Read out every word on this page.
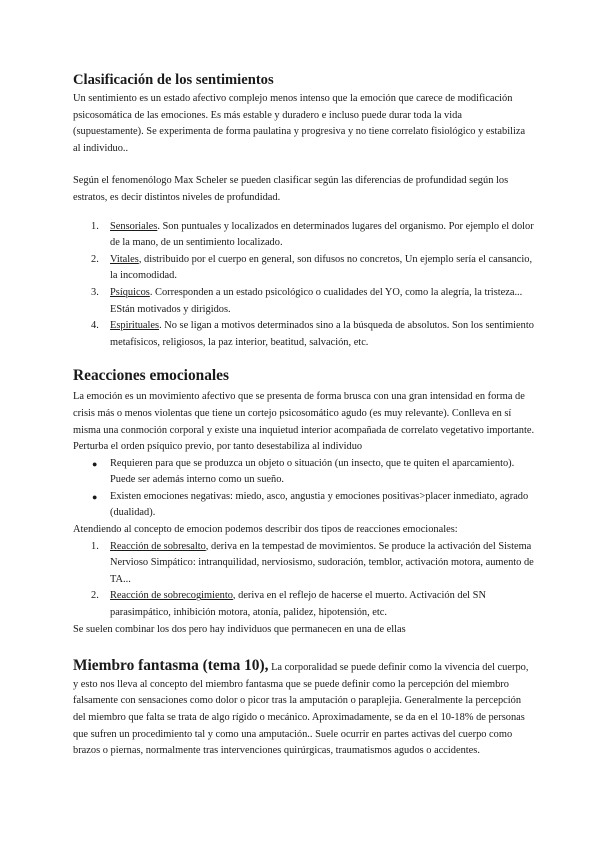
Clasificación de los sentimientos

Un sentimiento es un estado afectivo complejo menos intenso que la emoción que carece de modificación psicosomática de las emociones. Es más estable y duradero e incluso puede durar toda la vida (supuestamente). Se experimenta de forma paulatina y progresiva y no tiene correlato fisiológico y estabiliza al individuo..

Según el fenomenólogo Max Scheler se pueden clasificar según las diferencias de profundidad según los estratos, es decir distintos niveles de profundidad.

1. Sensoriales. Son puntuales y localizados en determinados lugares del organismo. Por ejemplo el dolor de la mano, de un sentimiento localizado.
2. Vitales, distribuido por el cuerpo en general, son difusos no concretos, Un ejemplo sería el cansancio, la incomodidad.
3. Psíquicos. Corresponden a un estado psicológico o cualidades del YO, como la alegría, la tristeza... EStán motivados y dirigidos.
4. Espirituales. No se ligan a motivos determinados sino a la búsqueda de absolutos. Son los sentimiento metafísicos, religiosos, la paz interior, beatitud, salvación, etc.
Reacciones emocionales

La emoción es un movimiento afectivo que se presenta de forma brusca con una gran intensidad en forma de crisis más o menos violentas que tiene un cortejo psicosomático agudo (es muy relevante). Conlleva en sí misma una conmoción corporal y existe una inquietud interior acompañada de correlato vegetativo importante.

Perturba el orden psíquico previo, por tanto desestabiliza al individuo

● Requieren para que se produzca un objeto o situación (un insecto, que te quiten el aparcamiento). Puede ser además interno como un sueño.
● Existen emociones negativas: miedo, asco, angustia y emociones positivas>placer inmediato, agrado (dualidad).

Atendiendo al concepto de emocion podemos describir dos tipos de reacciones emocionales:

1. Reacción de sobresalto, deriva en la tempestad de movimientos. Se produce la activación del Sistema Nervioso Simpático: intranquilidad, nerviosismo, sudoración, temblor, activación motora, aumento de TA...
2. Reacción de sobrecogimiento, deriva en el reflejo de hacerse el muerto. Activación del SN parasimpático, inhibición motora, atonía, palidez, hipotensión, etc.

Se suelen combinar los dos pero hay individuos que permanecen en una de ellas

Miembro fantasma (tema 10), La corporalidad se puede definir como la vivencia del cuerpo, y esto nos lleva al concepto del miembro fantasma que se puede definir como la percepción del miembro falsamente con sensaciones como dolor o picor tras la amputación o paraplejia. Generalmente la percepción del miembro que falta se trata de algo rígido o mecánico. Aproximadamente, se da en el 10-18% de personas que sufren un procedimiento tal y como una amputación.. Suele ocurrir en partes activas del cuerpo como brazos o piernas, normalmente tras intervenciones quirúrgicas, traumatismos agudos o accidentes.
